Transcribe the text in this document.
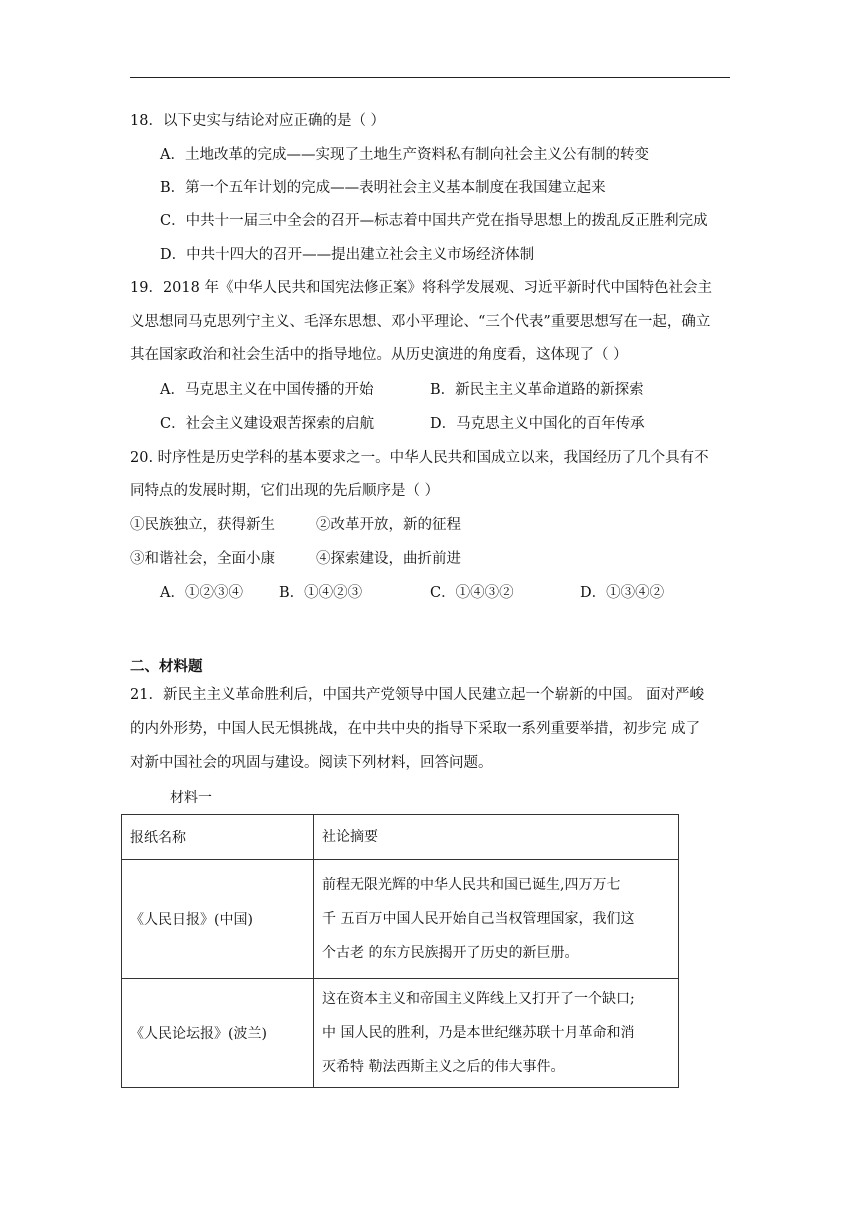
18．以下史实与结论对应正确的是（ ）
A．土地改革的完成——实现了土地生产资料私有制向社会主义公有制的转变
B．第一个五年计划的完成——表明社会主义基本制度在我国建立起来
C．中共十一届三中全会的召开—标志着中国共产党在指导思想上的拨乱反正胜利完成
D．中共十四大的召开——提出建立社会主义市场经济体制
19．2018 年《中华人民共和国宪法修正案》将科学发展观、习近平新时代中国特色社会主
义思想同马克思列宁主义、毛泽东思想、邓小平理论、“三个代表”重要思想写在一起，确立
其在国家政治和社会生活中的指导地位。从历史演进的角度看，这体现了（ ）
A．马克思主义在中国传播的开始	B．新民主主义革命道路的新探索
C．社会主义建设艰苦探索的启航	D．马克思主义中国化的百年传承
20. 时序性是历史学科的基本要求之一。中华人民共和国成立以来，我国经历了几个具有不
同特点的发展时期，它们出现的先后顺序是（ ）
①民族独立，获得新生	②改革开放，新的征程
③和谐社会，全面小康	④探索建设，曲折前进
A．①②③④ B．①④②③	C．①④③②	D．①③④②
二、材料题
21．新民主主义革命胜利后，中国共产党领导中国人民建立起一个崭新的中国。 面对严峻
的内外形势，中国人民无惧挑战，在中共中央的指导下采取一系列重要举措，初步完 成了
对新中国社会的巩固与建设。阅读下列材料，回答问题。
材料一
报纸名称	社论摘要
《人民日报》(中国)	前程无限光辉的中华人民共和国已诞生,四万万七
千 五百万中国人民开始自己当权管理国家，我们这
个古老 的东方民族揭开了历史的新巨册。

《人民论坛报》(波兰)	这在资本主义和帝国主义阵线上又打开了一个缺口;
中 国人民的胜利，乃是本世纪继苏联十月革命和消
灭希特 勒法西斯主义之后的伟大事件。
